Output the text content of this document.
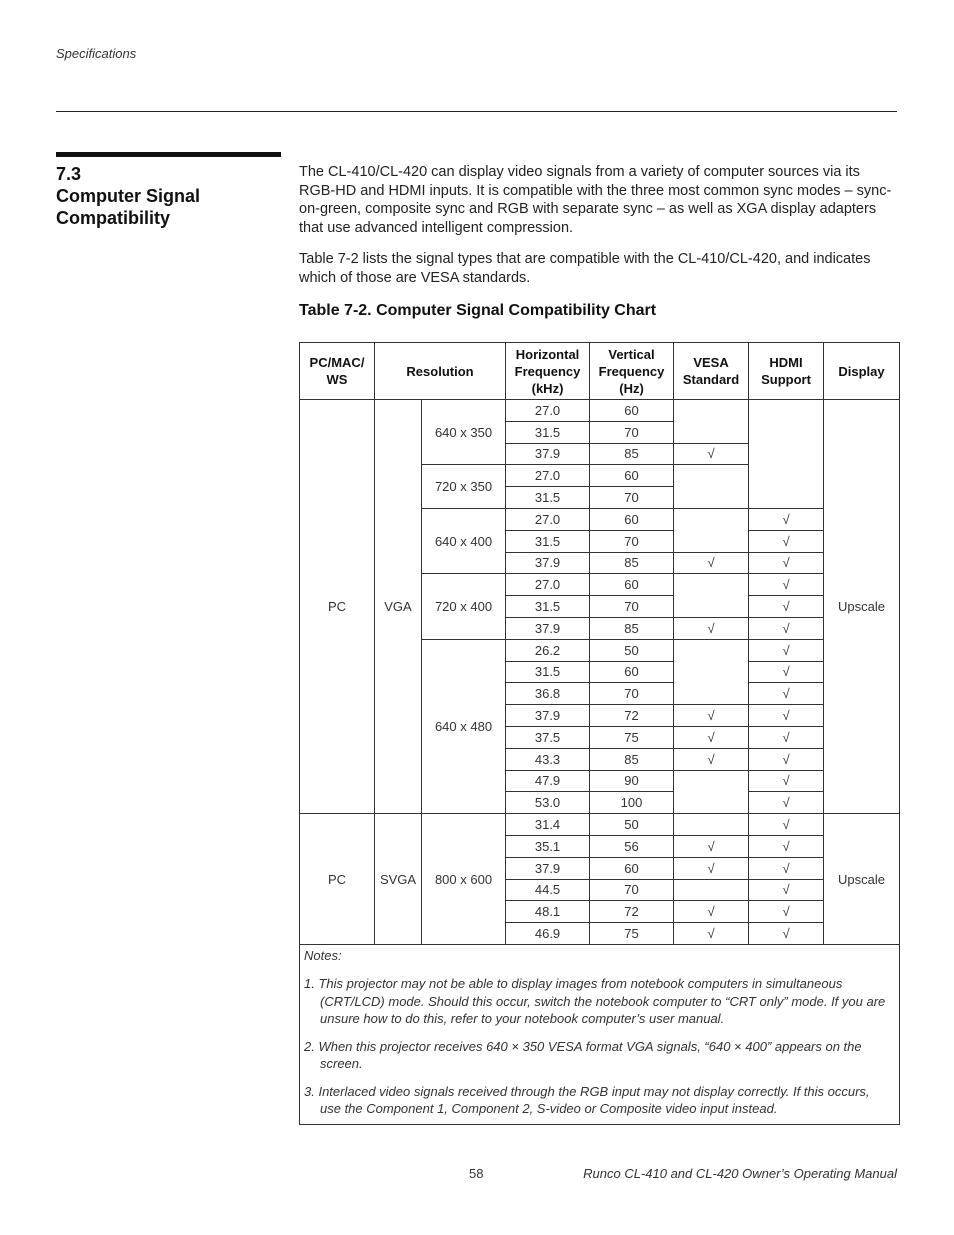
Specifications
7.3
Computer Signal
Compatibility
The CL-410/CL-420 can display video signals from a variety of computer sources via its RGB-HD and HDMI inputs. It is compatible with the three most common sync modes – sync-on-green, composite sync and RGB with separate sync – as well as XGA display adapters that use advanced intelligent compression.
Table 7-2 lists the signal types that are compatible with the CL-410/CL-420, and indicates which of those are VESA standards.
Table 7-2. Computer Signal Compatibility Chart
PC/MAC/ WS	Resolution		Horizontal Frequency (kHz)	Vertical Frequency (Hz)	VESA Standard	HDMI Support	Display
PC	VGA	640 x 350	27.0	60			Upscale
			31.5	70			
			37.9	85	√		
		720 x 350	27.0	60			
			31.5	70			
		640 x 400	27.0	60		√	
			31.5	70		√	
			37.9	85	√	√	
		720 x 400	27.0	60		√	
			31.5	70		√	
			37.9	85	√	√	
		640 x 480	26.2	50		√	
			31.5	60		√	
			36.8	70		√	
			37.9	72	√	√	
			37.5	75	√	√	
			43.3	85	√	√	
			47.9	90		√	
			53.0	100		√	
PC	SVGA	800 x 600	31.4	50		√	Upscale
			35.1	56	√	√	
			37.9	60	√	√	
			44.5	70		√	
			48.1	72	√	√	
			46.9	75	√	√	

Notes:
1. This projector may not be able to display images from notebook computers in simultaneous (CRT/LCD) mode. Should this occur, switch the notebook computer to “CRT only” mode. If you are unsure how to do this, refer to your notebook computer’s user manual.
2. When this projector receives 640 × 350 VESA format VGA signals, “640 × 400” appears on the screen.
3. Interlaced video signals received through the RGB input may not display correctly. If this occurs, use the Component 1, Component 2, S-video or Composite video input instead.							
58	Runco CL-410 and CL-420 Owner’s Operating Manual
